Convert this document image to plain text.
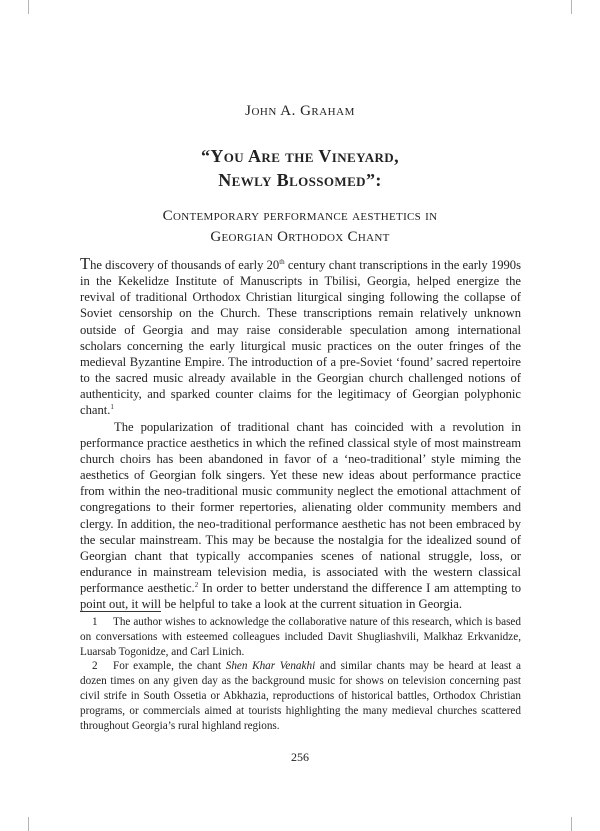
John A. Graham
“You Are the Vineyard,
Newly Blossomed”:
Contemporary performance aesthetics in
Georgian Orthodox Chant

The discovery of thousands of early 20th century chant transcriptions in the early 1990s in the Kekelidze Institute of Manuscripts in Tbilisi, Georgia, helped energize the revival of traditional Orthodox Christian liturgical singing following the collapse of Soviet censorship on the Church. These transcriptions remain relatively unknown outside of Georgia and may raise considerable speculation among international scholars concerning the early liturgical music practices on the outer fringes of the medieval Byzantine Empire. The introduction of a pre-Soviet ‘found’ sacred repertoire to the sacred music already available in the Georgian church challenged notions of authenticity, and sparked counter claims for the legitimacy of Georgian polyphonic chant.$^1$

The popularization of traditional chant has coincided with a revolution in performance practice aesthetics in which the refined classical style of most mainstream church choirs has been abandoned in favor of a ‘neo-traditional’ style miming the aesthetics of Georgian folk singers. Yet these new ideas about performance practice from within the neo-traditional music community neglect the emotional attachment of congregations to their former repertories, alienating older community members and clergy. In addition, the neo-traditional performance aesthetic has not been embraced by the secular mainstream. This may be because the nostalgia for the idealized sound of Georgian chant that typically accompanies scenes of national struggle, loss, or endurance in mainstream television media, is associated with the western classical performance aesthetic.$^2$ In order to better understand the difference I am attempting to point out, it will be helpful to take a look at the current situation in Georgia.

1 The author wishes to acknowledge the collaborative nature of this research, which is based on conversations with esteemed colleagues included Davit Shugliashvili, Malkhaz Erkvanidze, Luarsab Togonidze, and Carl Linich.

2 For example, the chant Shen Khar Venakhi and similar chants may be heard at least a dozen times on any given day as the background music for shows on television concerning past civil strife in South Ossetia or Abkhazia, reproductions of historical battles, Orthodox Christian programs, or commercials aimed at tourists highlighting the many medieval churches scattered throughout Georgia’s rural highland regions.

256
